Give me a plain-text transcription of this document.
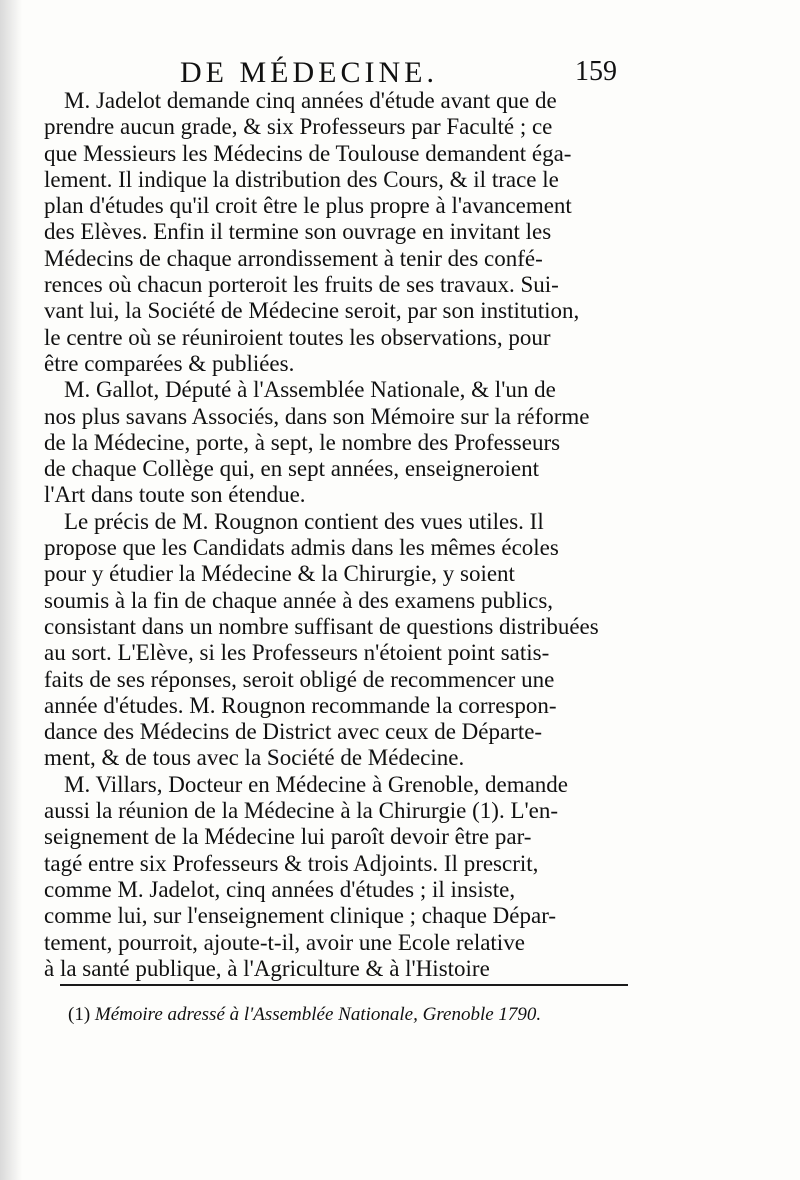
DE MÉDECINE.	159
M. Jadelot demande cinq années d'étude avant que de
prendre aucun grade, & six Professeurs par Faculté ; ce
que Messieurs les Médecins de Toulouse demandent éga-
lement. Il indique la distribution des Cours, & il trace le
plan d'études qu'il croit être le plus propre à l'avancement
des Elèves. Enfin il termine son ouvrage en invitant les
Médecins de chaque arrondissement à tenir des confé-
rences où chacun porteroit les fruits de ses travaux. Sui-
vant lui, la Société de Médecine seroit, par son institution,
le centre où se réuniroient toutes les observations, pour
être comparées & publiées.
M. Gallot, Député à l'Assemblée Nationale, & l'un de
nos plus savans Associés, dans son Mémoire sur la réforme
de la Médecine, porte, à sept, le nombre des Professeurs
de chaque Collège qui, en sept années, enseigneroient
l'Art dans toute son étendue.
Le précis de M. Rougnon contient des vues utiles. Il
propose que les Candidats admis dans les mêmes écoles
pour y étudier la Médecine & la Chirurgie, y soient
soumis à la fin de chaque année à des examens publics,
consistant dans un nombre suffisant de questions distribuées
au sort. L'Elève, si les Professeurs n'étoient point satis-
faits de ses réponses, seroit obligé de recommencer une
année d'études. M. Rougnon recommande la correspon-
dance des Médecins de District avec ceux de Départe-
ment, & de tous avec la Société de Médecine.
M. Villars, Docteur en Médecine à Grenoble, demande
aussi la réunion de la Médecine à la Chirurgie (1). L'en-
seignement de la Médecine lui paroît devoir être par-
tagé entre six Professeurs & trois Adjoints. Il prescrit,
comme M. Jadelot, cinq années d'études ; il insiste,
comme lui, sur l'enseignement clinique ; chaque Dépar-
tement, pourroit, ajoute-t-il, avoir une Ecole relative
à la santé publique, à l'Agriculture & à l'Histoire
(1) Mémoire adressé à l'Assemblée Nationale, Grenoble 1790.
